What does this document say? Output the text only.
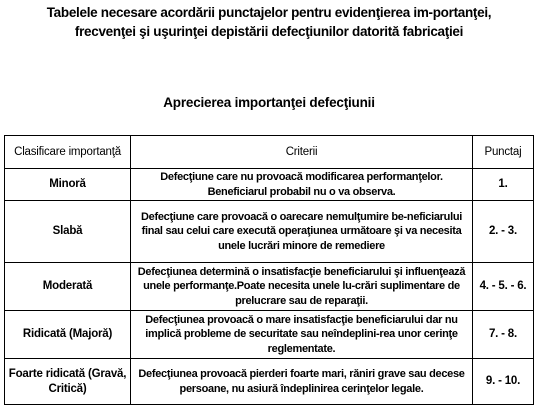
Tabelele necesare acordării punctajelor pentru evidenţierea im-portanţei, frecvenţei şi uşurinţei depistării defecţiunilor datorită fabricaţiei
Aprecierea importanţei defecţiunii
Clasificare importanţă	Criterii	Punctaj
Minoră	Defecţiune care nu provoacă modificarea performanţelor. Beneficiarul probabil nu o va observa.	1.
Slabă	Defecţiune care provoacă o oarecare nemulţumire be-neficiarului final sau celui care execută operaţiunea următoare şi va necesita unele lucrări minore de remediere	2. - 3.
Moderată	Defecţiunea determină o insatisfacţie beneficiarului şi influenţează unele performanţe.Poate necesita unele lu-crări suplimentare de prelucrare sau de reparaţii.	4. - 5. - 6.
Ridicată (Majoră)	Defecţiunea provoacă o mare insatisfacţie beneficiarului dar nu implică probleme de securitate sau neîndeplini-rea unor cerinţe reglementate.	7. - 8.
Foarte ridicată (Gravă, Critică)	Defecţiunea provoacă pierderi foarte mari, răniri grave sau decese persoane, nu asiură îndeplinirea cerinţelor legale.	9. - 10.
